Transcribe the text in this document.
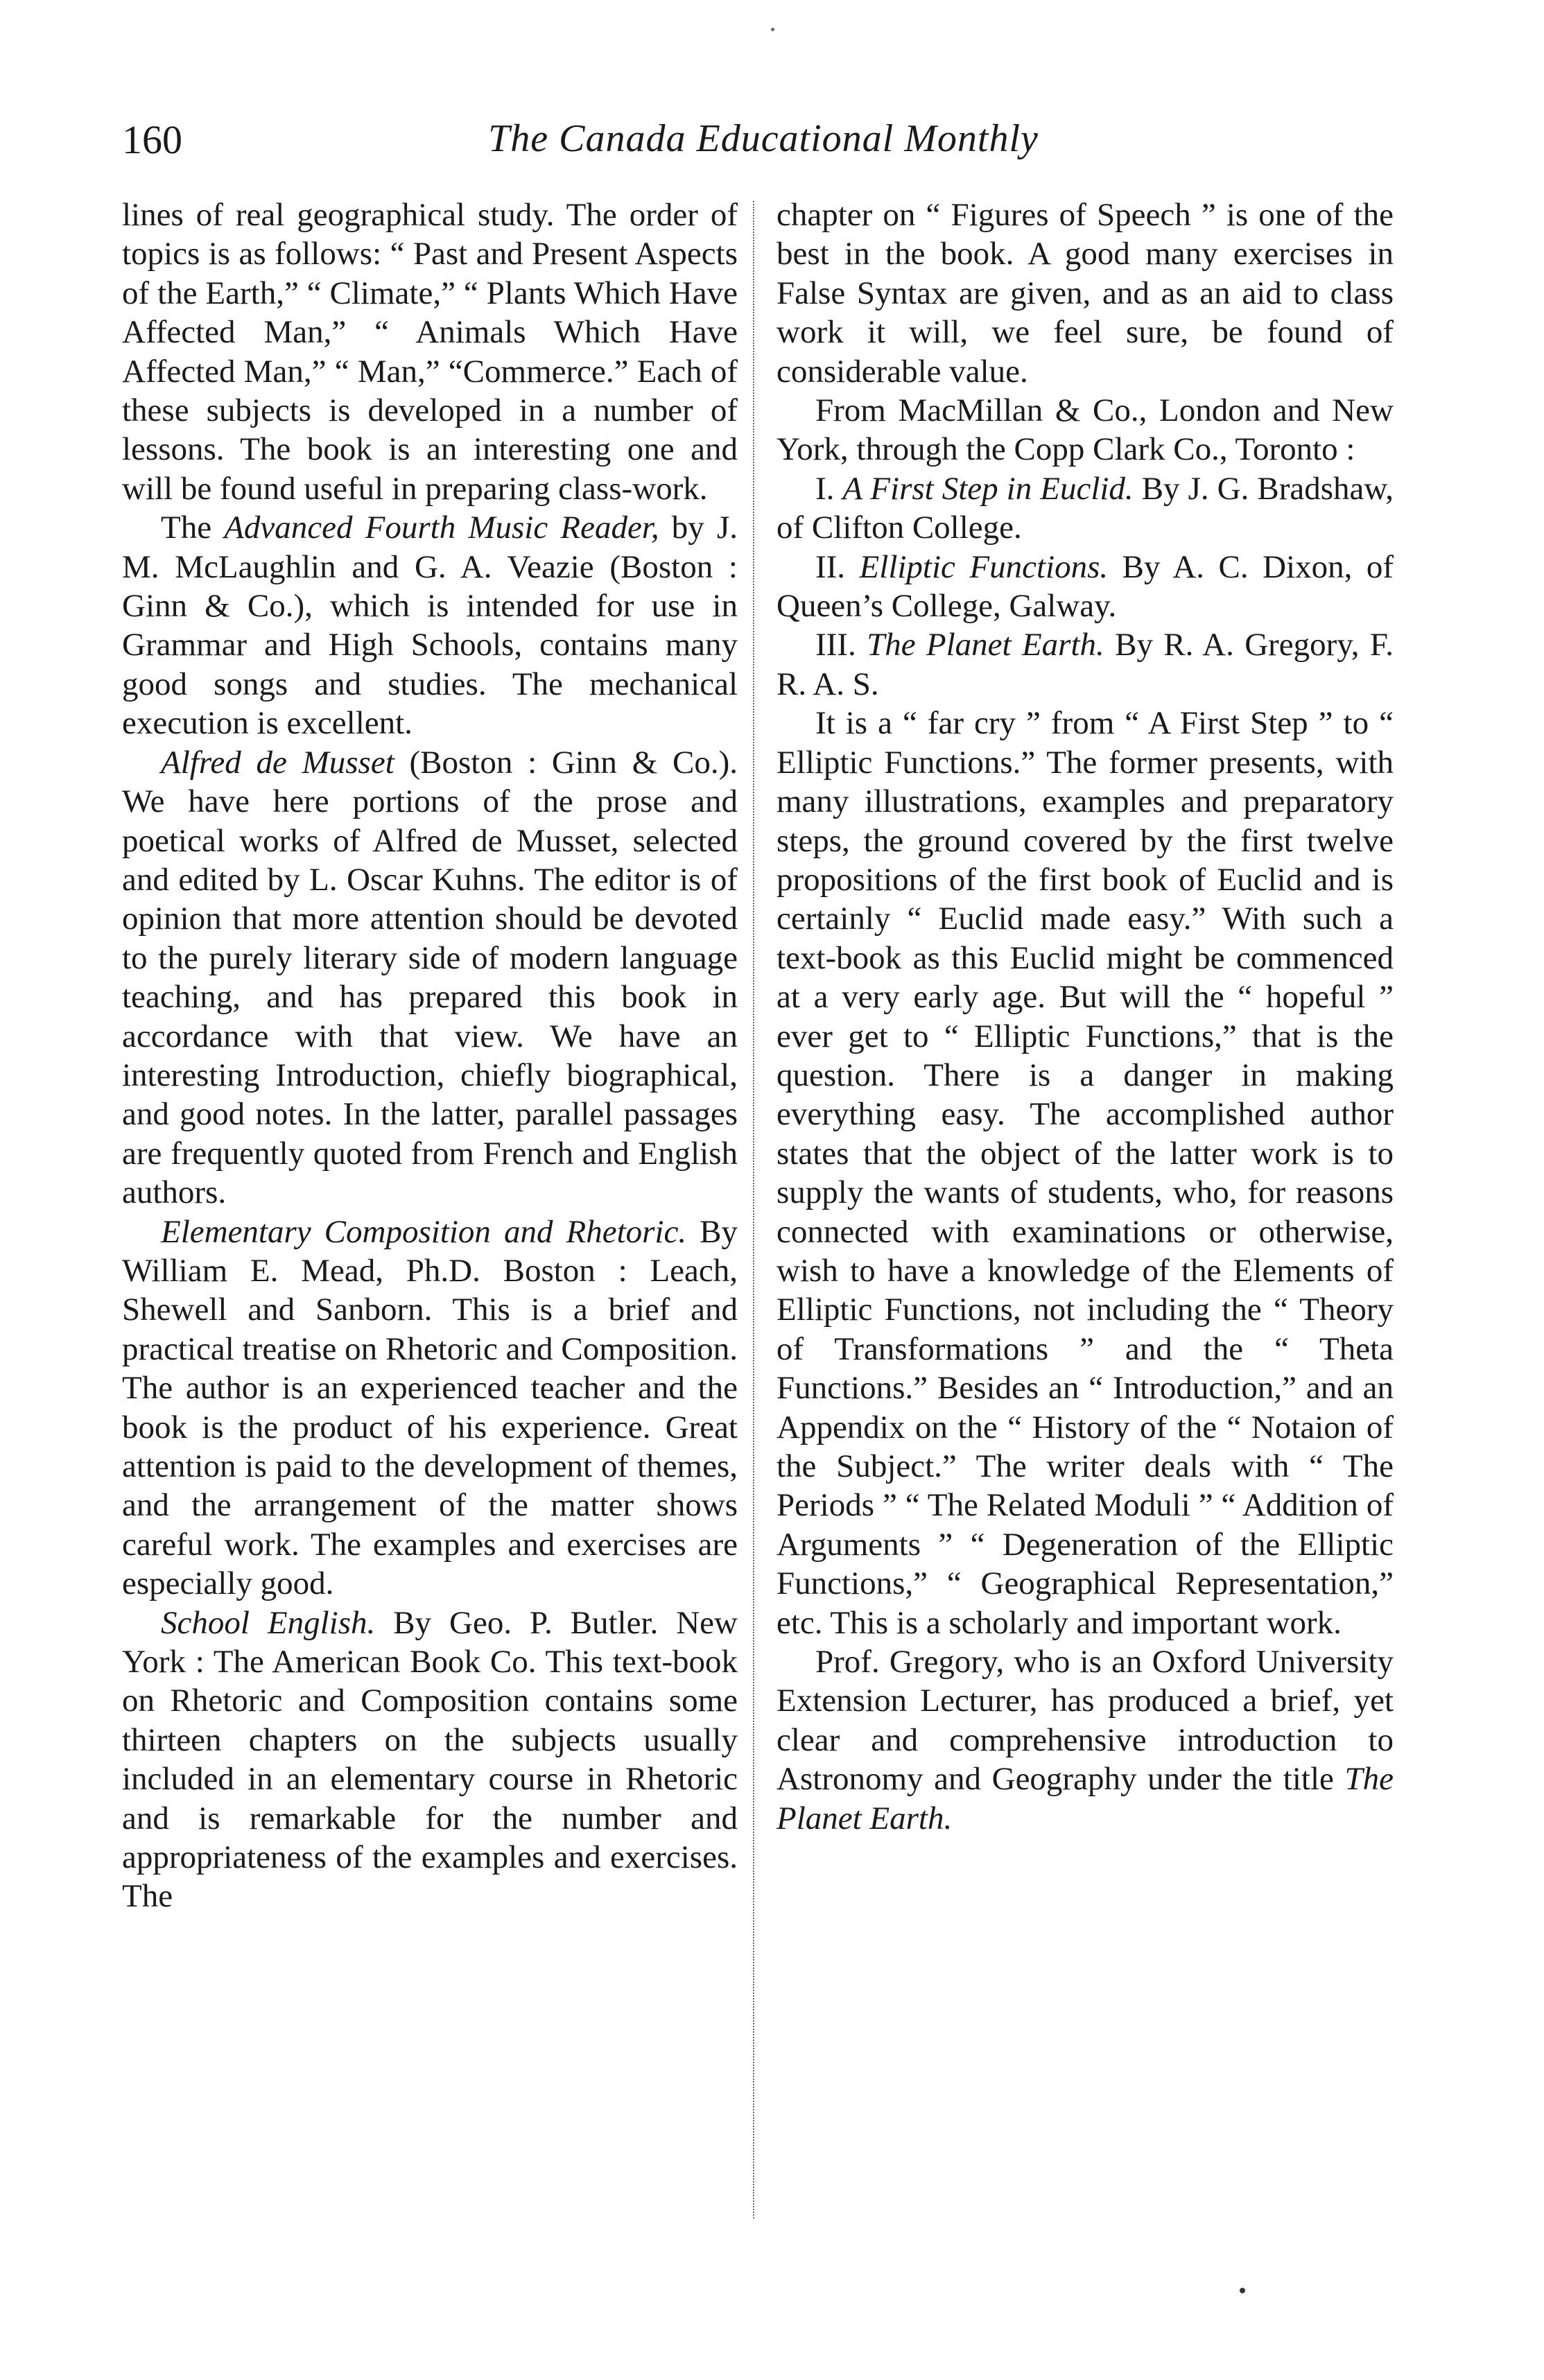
160	The Canada Educational Monthly

lines of real geographical study. The order of topics is as follows: “ Past and Present Aspects of the Earth,” “ Climate,” “ Plants Which Have Affected Man,” “ Animals Which Have Affected Man,” “ Man,” “Commerce.” Each of these subjects is developed in a number of lessons. The book is an interesting one and will be found useful in preparing class-work.

The Advanced Fourth Music Reader, by J. M. McLaughlin and G. A. Veazie (Boston : Ginn & Co.), which is intended for use in Grammar and High Schools, contains many good songs and studies. The mechanical execution is excellent.

Alfred de Musset (Boston : Ginn & Co.). We have here portions of the prose and poetical works of Alfred de Musset, selected and edited by L. Oscar Kuhns. The editor is of opinion that more attention should be devoted to the purely literary side of modern language teaching, and has prepared this book in accordance with that view. We have an interesting Introduction, chiefly biographical, and good notes. In the latter, parallel passages are frequently quoted from French and English authors.

Elementary Composition and Rhetoric. By William E. Mead, Ph.D. Boston : Leach, Shewell and Sanborn. This is a brief and practical treatise on Rhetoric and Composition. The author is an experienced teacher and the book is the product of his experience. Great attention is paid to the development of themes, and the arrangement of the matter shows careful work. The examples and exercises are especially good.

School English. By Geo. P. Butler. New York : The American Book Co. This text-book on Rhetoric and Composition contains some thirteen chapters on the subjects usually included in an elementary course in Rhetoric and is remarkable for the number and appropriateness of the examples and exercises. The

chapter on “ Figures of Speech ” is one of the best in the book. A good many exercises in False Syntax are given, and as an aid to class work it will, we feel sure, be found of considerable value.

From MacMillan & Co., London and New York, through the Copp Clark Co., Toronto :

I. A First Step in Euclid. By J. G. Bradshaw, of Clifton College.

II. Elliptic Functions. By A. C. Dixon, of Queen’s College, Galway.

III. The Planet Earth. By R. A. Gregory, F. R. A. S.

It is a “ far cry ” from “ A First Step ” to “ Elliptic Functions.” The former presents, with many illustrations, examples and preparatory steps, the ground covered by the first twelve propositions of the first book of Euclid and is certainly “ Euclid made easy.” With such a text-book as this Euclid might be commenced at a very early age. But will the “ hopeful ” ever get to “ Elliptic Functions,” that is the question. There is a danger in making everything easy. The accomplished author states that the object of the latter work is to supply the wants of students, who, for reasons connected with examinations or otherwise, wish to have a knowledge of the Elements of Elliptic Functions, not including the “ Theory of Transformations ” and the “ Theta Functions.” Besides an “ Introduction,” and an Appendix on the “ History of the “ Notaion of the Subject.” The writer deals with “ The Periods ” “ The Related Moduli ” “ Addition of Arguments ” “ Degeneration of the Elliptic Functions,” “ Geographical Representation,” etc. This is a scholarly and important work.

Prof. Gregory, who is an Oxford University Extension Lecturer, has produced a brief, yet clear and comprehensive introduction to Astronomy and Geography under the title The Planet Earth.
